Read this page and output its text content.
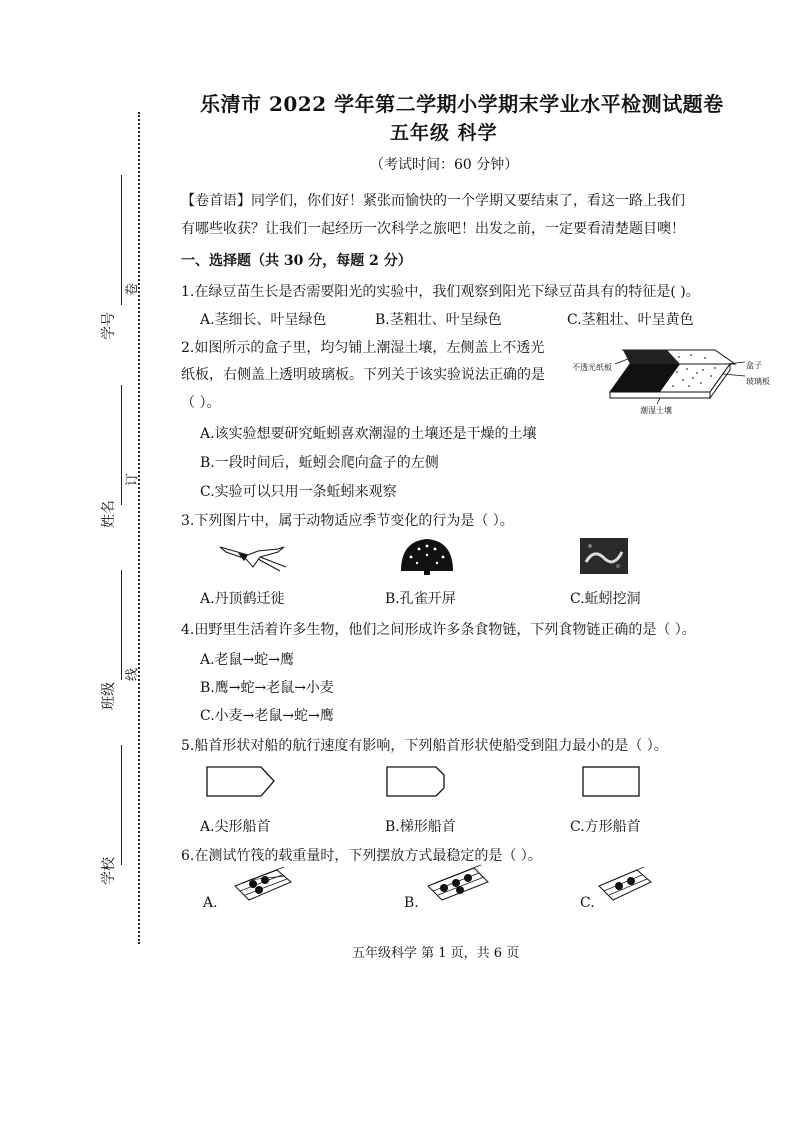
学号
卷
姓名
订
班级
线
学校
乐清市 2022 学年第二学期小学期末学业水平检测试题卷
五年级 科学
（考试时间：60 分钟）
【卷首语】同学们，你们好！紧张而愉快的一个学期又要结束了，看这一路上我们
有哪些收获？让我们一起经历一次科学之旅吧！出发之前，一定要看清楚题目噢！
一、选择题（共 30 分，每题 2 分）
1.在绿豆苗生长是否需要阳光的实验中，我们观察到阳光下绿豆苗具有的特征是( )。
A.茎细长、叶呈绿色	B.茎粗壮、叶呈绿色	C.茎粗壮、叶呈黄色
2.如图所示的盒子里，均匀铺上潮湿土壤，左侧盖上不透光
纸板，右侧盖上透明玻璃板。下列关于该实验说法正确的是
（ ）。
A.该实验想要研究蚯蚓喜欢潮湿的土壤还是干燥的土壤
B.一段时间后，蚯蚓会爬向盒子的左侧
C.实验可以只用一条蚯蚓来观察
不透光纸板	盒子
玻璃板
潮湿土壤
3.下列图片中，属于动物适应季节变化的行为是（ ）。
A.丹顶鹤迁徙	B.孔雀开屏	C.蚯蚓挖洞
4.田野里生活着许多生物，他们之间形成许多条食物链，下列食物链正确的是（ ）。
A.老鼠→蛇→鹰
B.鹰→蛇→老鼠→小麦
C.小麦→老鼠→蛇→鹰
5.船首形状对船的航行速度有影响，下列船首形状使船受到阻力最小的是（ ）。
A.尖形船首	B.梯形船首	C.方形船首
6.在测试竹筏的载重量时，下列摆放方式最稳定的是（ ）。
A.	B.	C.
五年级科学 第 1 页，共 6 页
